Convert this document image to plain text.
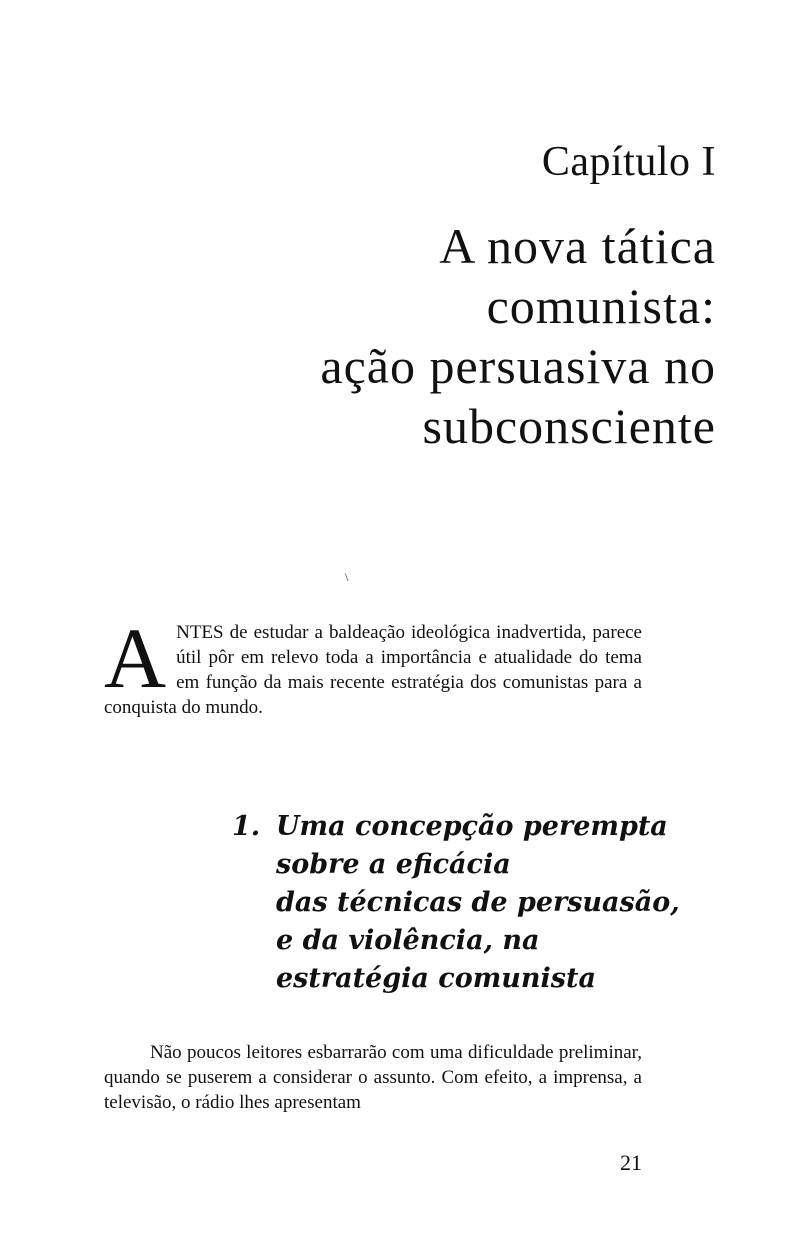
Capítulo I
A nova tática
comunista:
ação persuasiva no
subconsciente
\
ANTES de estudar a baldeação ideológica inadvertida, parece útil pôr em relevo toda a importância e atualidade do tema em função da mais recente estratégia dos comunistas para a conquista do mundo.
1. Uma concepção perempta
sobre a eficácia
das técnicas de persuasão,
e da violência, na
estratégia comunista
Não poucos leitores esbarrarão com uma dificuldade preliminar, quando se puserem a considerar o assunto. Com efeito, a imprensa, a televisão, o rádio lhes apresentam
21
